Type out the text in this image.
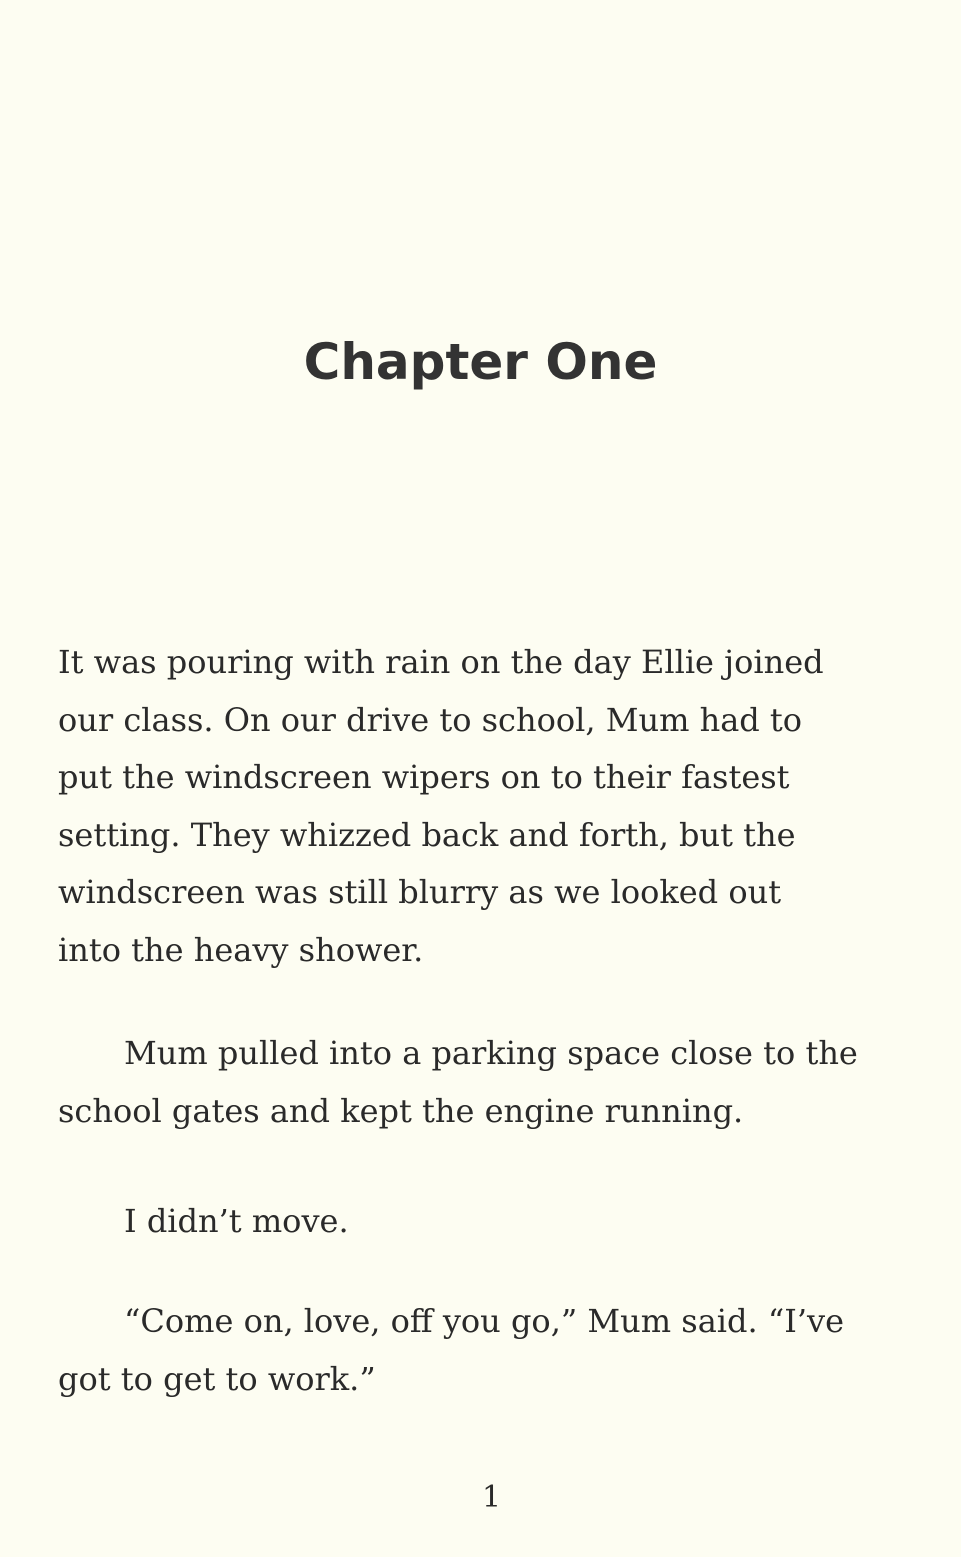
Chapter One

It was pouring with rain on the day Ellie joined
our class. On our drive to school, Mum had to
put the windscreen wipers on to their fastest
setting. They whizzed back and forth, but the
windscreen was still blurry as we looked out
into the heavy shower.

Mum pulled into a parking space close to the
school gates and kept the engine running.

I didn’t move.

“Come on, love, off you go,” Mum said. “I’ve
got to get to work.”

1
